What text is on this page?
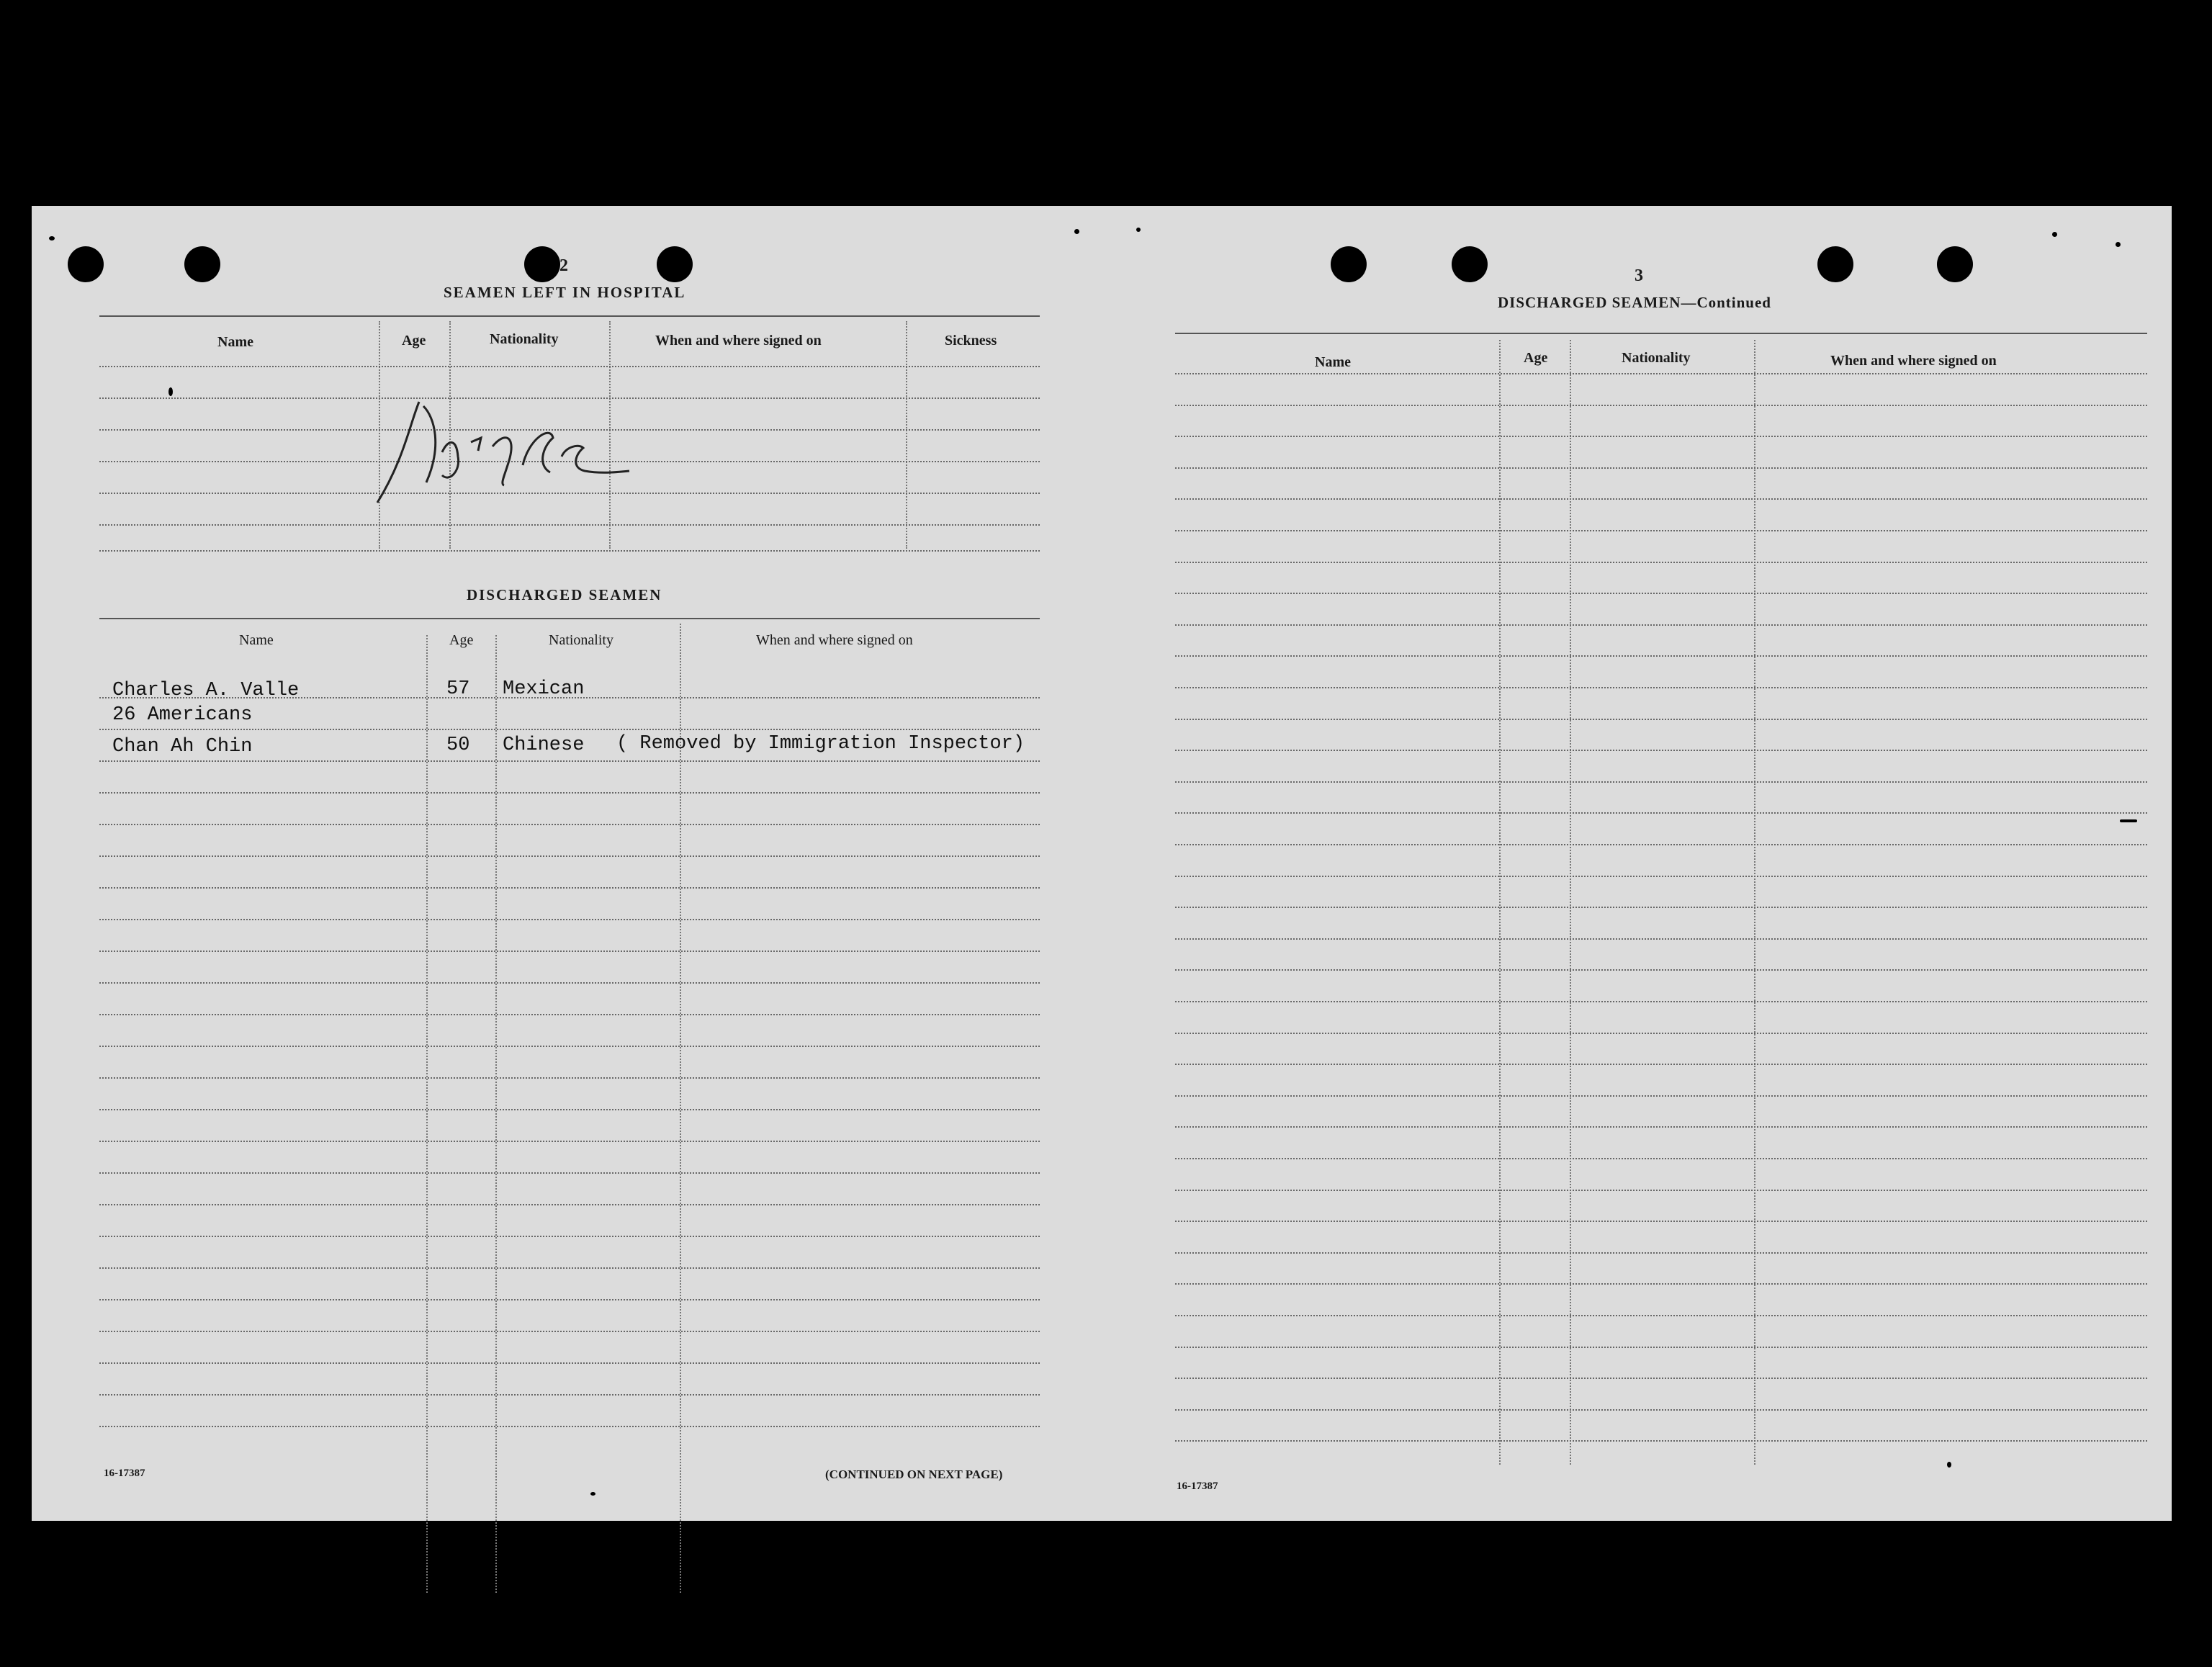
2
SEAMEN LEFT IN HOSPITAL
Name	Age	Nationality	When and where signed on	Sickness
DISCHARGED SEAMEN
Name	Age	Nationality	When and where signed on
Charles A. Valle	57 Mexican
26 Americans
Chan Ah Chin	50 Chinese ( Removed by Immigration Inspector)
16-17387	(CONTINUED ON NEXT PAGE)
3
DISCHARGED SEAMEN—Continued
Name	Age	Nationality	When and where signed on
16-17387
